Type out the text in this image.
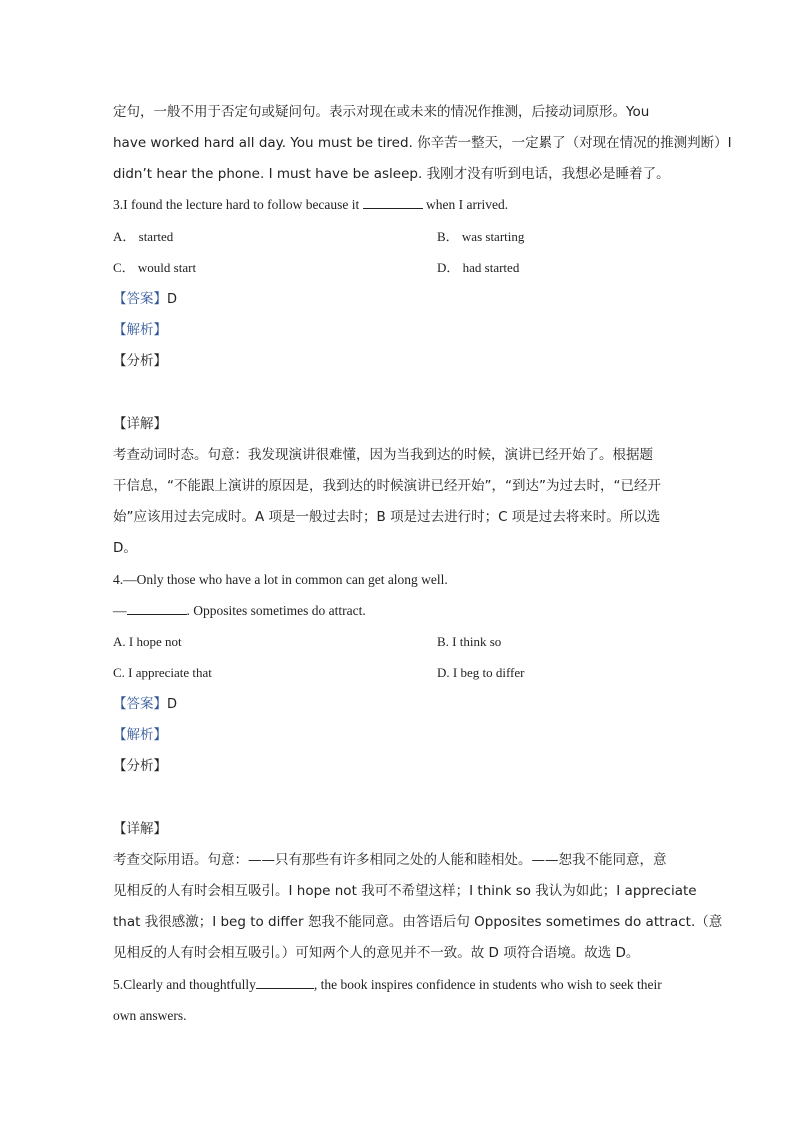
定句，一般不用于否定句或疑问句。表示对现在或未来的情况作推测，后接动词原形。You
have worked hard all day. You must be tired. 你辛苦一整天，一定累了（对现在情况的推测判断）I
didn’t hear the phone. I must have be asleep. 我刚才没有听到电话，我想必是睡着了。
3.I found the lecture hard to follow because it	when I arrived.
A． started	B． was starting
C． would start	D． had started
【答案】D
【解析】
【分析】
【详解】
考查动词时态。句意：我发现演讲很难懂，因为当我到达的时候，演讲已经开始了。根据题
干信息，“不能跟上演讲的原因是，我到达的时候演讲已经开始”，“到达”为过去时，“已经开
始”应该用过去完成时。A 项是一般过去时；B 项是过去进行时；C 项是过去将来时。所以选
D。
4.—Only those who have a lot in common can get along well.
—	. Opposites sometimes do attract.
A. I hope not	B. I think so
C. I appreciate that	D. I beg to differ
【答案】D
【解析】
【分析】
【详解】
考查交际用语。句意：——只有那些有许多相同之处的人能和睦相处。——恕我不能同意，意
见相反的人有时会相互吸引。I hope not 我可不希望这样；I think so 我认为如此；I appreciate
that 我很感激；I beg to differ 恕我不能同意。由答语后句 Opposites sometimes do attract.（意
见相反的人有时会相互吸引。）可知两个人的意见并不一致。故 D 项符合语境。故选 D。
5.Clearly and thoughtfully	, the book inspires confidence in students who wish to seek their
own answers.
